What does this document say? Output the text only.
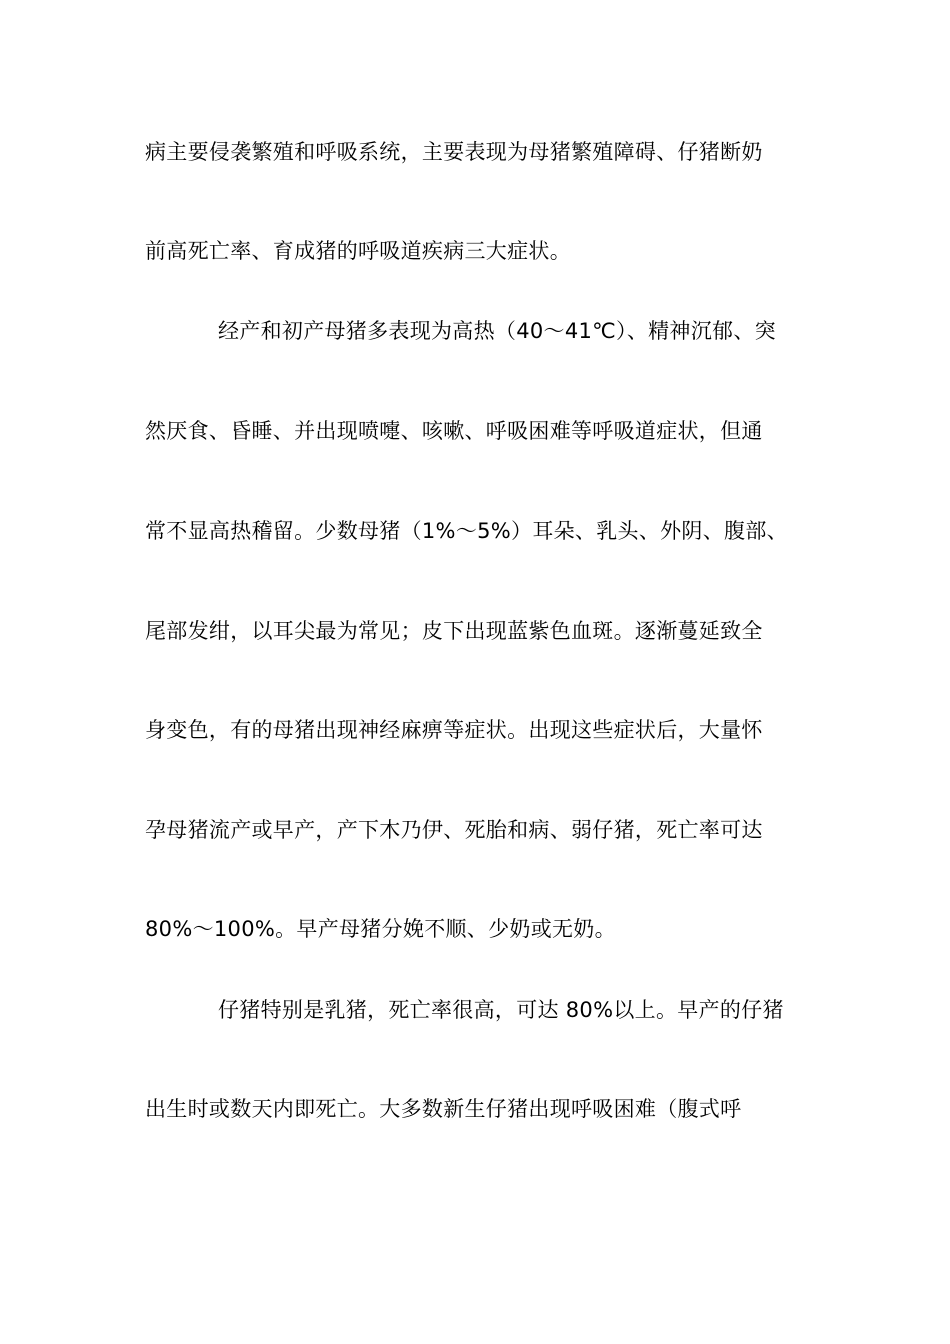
病主要侵袭繁殖和呼吸系统，主要表现为母猪繁殖障碍、仔猪断奶
前高死亡率、育成猪的呼吸道疾病三大症状。
经产和初产母猪多表现为高热（40～41℃）、精神沉郁、突
然厌食、昏睡、并出现喷嚏、咳嗽、呼吸困难等呼吸道症状，但通
常不显高热稽留。少数母猪（1%～5%）耳朵、乳头、外阴、腹部、
尾部发绀，以耳尖最为常见；皮下出现蓝紫色血斑。逐渐蔓延致全
身变色，有的母猪出现神经麻痹等症状。出现这些症状后，大量怀
孕母猪流产或早产，产下木乃伊、死胎和病、弱仔猪，死亡率可达
80%～100%。早产母猪分娩不顺、少奶或无奶。
仔猪特别是乳猪，死亡率很高，可达 80%以上。早产的仔猪
出生时或数天内即死亡。大多数新生仔猪出现呼吸困难（腹式呼
